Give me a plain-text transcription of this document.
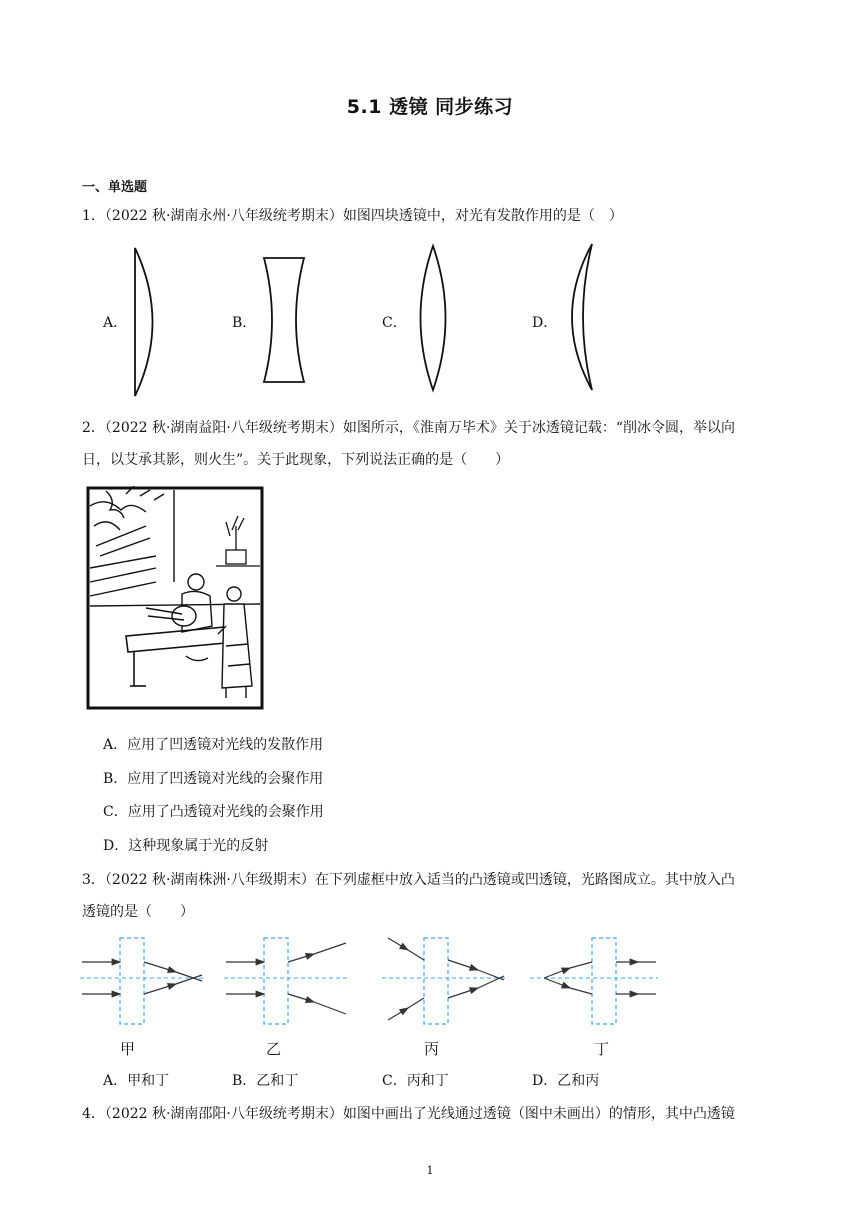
5.1 透镜 同步练习
一、单选题
1．（2022 秋·湖南永州·八年级统考期末）如图四块透镜中，对光有发散作用的是（　）
A．	B．	C．	D．
2．（2022 秋·湖南益阳·八年级统考期末）如图所示，《淮南万毕术》关于冰透镜记载：“削冰令圆，举以向
日，以艾承其影，则火生”。关于此现象，下列说法正确的是（　　）
A．应用了凹透镜对光线的发散作用
B．应用了凹透镜对光线的会聚作用
C．应用了凸透镜对光线的会聚作用
D．这种现象属于光的反射
3．（2022 秋·湖南株洲·八年级期末）在下列虚框中放入适当的凸透镜或凹透镜，光路图成立。其中放入凸
透镜的是（　　）
甲	乙	丙	丁
A．甲和丁	B．乙和丁	C．丙和丁	D．乙和丙
4．（2022 秋·湖南邵阳·八年级统考期末）如图中画出了光线通过透镜（图中未画出）的情形，其中凸透镜
1
